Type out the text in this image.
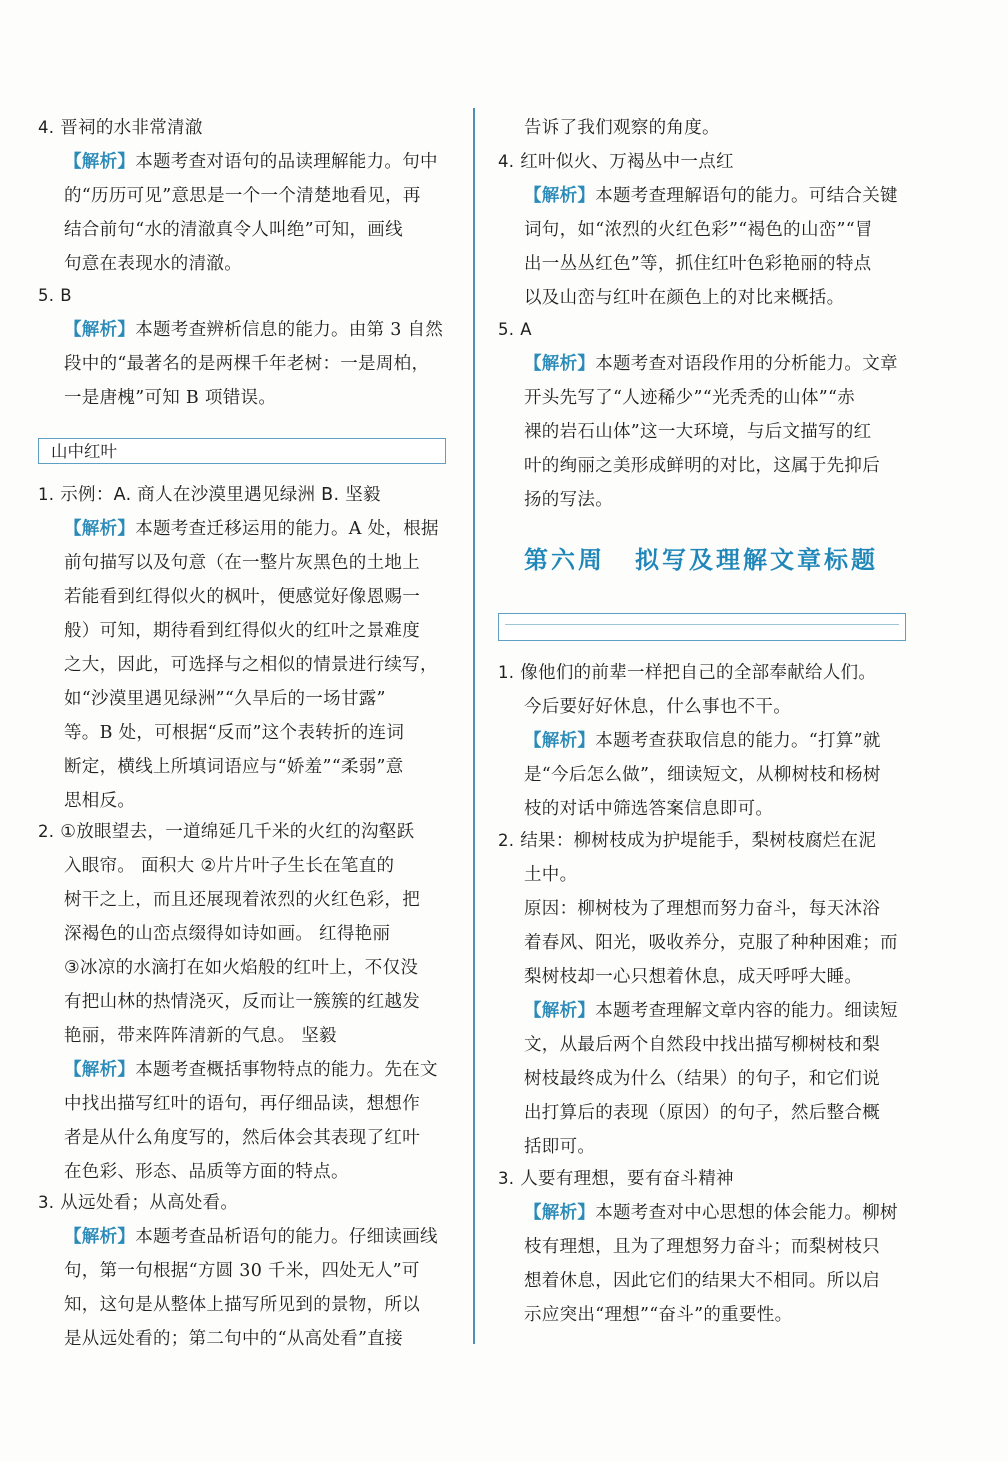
4. 晋祠的水非常清澈

【解析】本题考查对语句的品读理解能力。句中

的“历历可见”意思是一个一个清楚地看见，再

结合前句“水的清澈真令人叫绝”可知，画线

句意在表现水的清澈。

5. B

【解析】本题考查辨析信息的能力。由第 3 自然

段中的“最著名的是两棵千年老树：一是周柏，

一是唐槐”可知 B 项错误。

山中红叶

1. 示例：A. 商人在沙漠里遇见绿洲 B. 坚毅

【解析】本题考查迁移运用的能力。A 处，根据

前句描写以及句意（在一整片灰黑色的土地上

若能看到红得似火的枫叶，便感觉好像恩赐一

般）可知，期待看到红得似火的红叶之景难度

之大，因此，可选择与之相似的情景进行续写，

如“沙漠里遇见绿洲”“久旱后的一场甘露”

等。B 处，可根据“反而”这个表转折的连词

断定，横线上所填词语应与“娇羞”“柔弱”意

思相反。

2. ①放眼望去，一道绵延几千米的火红的沟壑跃

入眼帘。 面积大 ②片片叶子生长在笔直的

树干之上，而且还展现着浓烈的火红色彩，把

深褐色的山峦点缀得如诗如画。 红得艳丽

③冰凉的水滴打在如火焰般的红叶上，不仅没

有把山林的热情浇灭，反而让一簇簇的红越发

艳丽，带来阵阵清新的气息。 坚毅

【解析】本题考查概括事物特点的能力。先在文

中找出描写红叶的语句，再仔细品读，想想作

者是从什么角度写的，然后体会其表现了红叶

在色彩、形态、品质等方面的特点。

3. 从远处看；从高处看。

【解析】本题考查品析语句的能力。仔细读画线

句，第一句根据“方圆 30 千米，四处无人”可

知，这句是从整体上描写所见到的景物，所以

是从远处看的；第二句中的“从高处看”直接

告诉了我们观察的角度。

4. 红叶似火、万褐丛中一点红

【解析】本题考查理解语句的能力。可结合关键

词句，如“浓烈的火红色彩”“褐色的山峦”“冒

出一丛丛红色”等，抓住红叶色彩艳丽的特点

以及山峦与红叶在颜色上的对比来概括。

5. A

【解析】本题考查对语段作用的分析能力。文章

开头先写了“人迹稀少”“光秃秃的山体”“赤

裸的岩石山体”这一大环境，与后文描写的红

叶的绚丽之美形成鲜明的对比，这属于先抑后

扬的写法。

第六周 拟写及理解文章标题

1. 像他们的前辈一样把自己的全部奉献给人们。

今后要好好休息，什么事也不干。

【解析】本题考查获取信息的能力。“打算”就

是“今后怎么做”，细读短文，从柳树枝和杨树

枝的对话中筛选答案信息即可。

2. 结果：柳树枝成为护堤能手，梨树枝腐烂在泥

土中。

原因：柳树枝为了理想而努力奋斗，每天沐浴

着春风、阳光，吸收养分，克服了种种困难；而

梨树枝却一心只想着休息，成天呼呼大睡。

【解析】本题考查理解文章内容的能力。细读短

文，从最后两个自然段中找出描写柳树枝和梨

树枝最终成为什么（结果）的句子，和它们说

出打算后的表现（原因）的句子，然后整合概

括即可。

3. 人要有理想，要有奋斗精神

【解析】本题考查对中心思想的体会能力。柳树

枝有理想，且为了理想努力奋斗；而梨树枝只

想着休息，因此它们的结果大不相同。所以启

示应突出“理想”“奋斗”的重要性。
